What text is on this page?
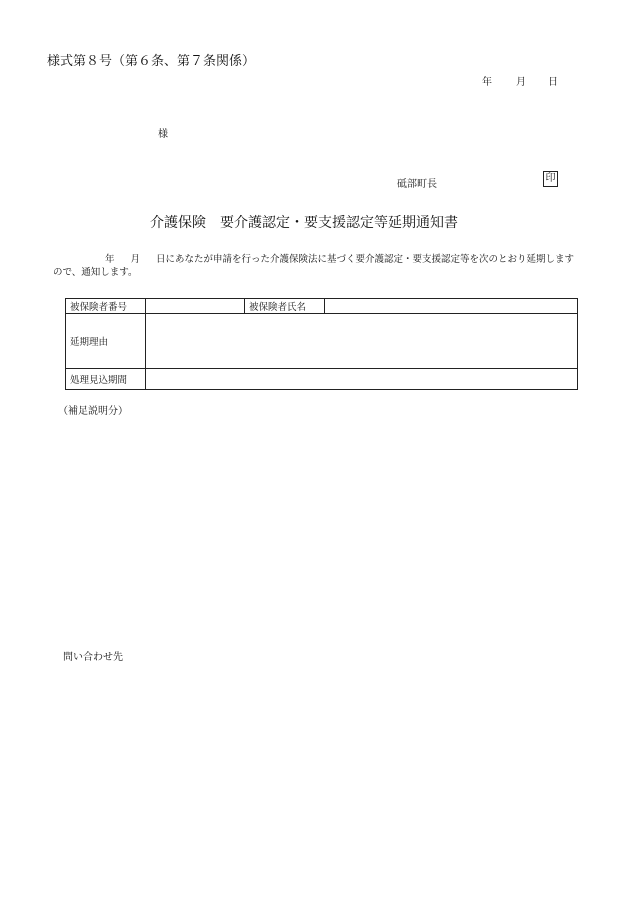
様式第８号（第６条、第７条関係）
年 月 日
様
砥部町長
印
介護保険　要介護認定・要支援認定等延期通知書
年 月 日にあなたが申請を行った介護保険法に基づく要介護認定・要支援認定等を次のとおり延期しますので、通知します。
被保険者番号		被保険者氏名	
延期理由			
処理見込期間			
（補足説明分）
問い合わせ先
